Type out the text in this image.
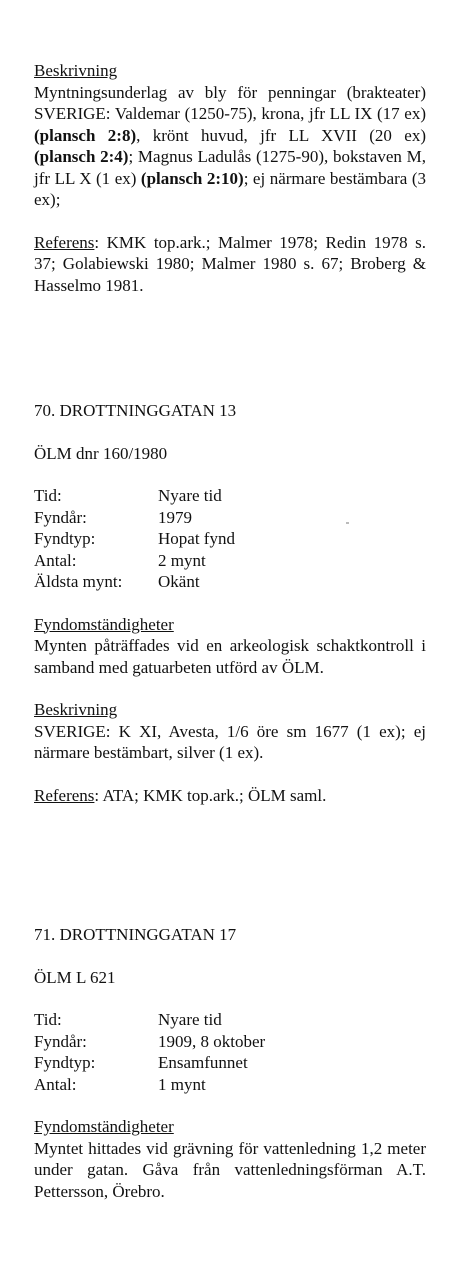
Beskrivning

Myntningsunderlag av bly för penningar (brakteater) SVERIGE: Valdemar (1250-75), krona, jfr LL IX (17 ex) (plansch 2:8), krönt huvud, jfr LL XVII (20 ex) (plansch 2:4); Magnus Ladulås (1275-90), bokstaven M, jfr LL X (1 ex) (plansch 2:10); ej närmare bestämbara (3 ex);

Referens: KMK top.ark.; Malmer 1978; Redin 1978 s. 37; Golabiewski 1980; Malmer 1980 s. 67; Broberg & Hasselmo 1981.

70. DROTTNINGGATAN 13
ÖLM dnr 160/1980
Tid:	Nyare tid
Fyndår:	1979
Fyndtyp:	Hopat fynd
Antal:	2 mynt
Äldsta mynt:	Okänt
Fyndomständigheter

Mynten påträffades vid en arkeologisk schaktkontroll i samband med gatuarbeten utförd av ÖLM.

Beskrivning

SVERIGE: K XI, Avesta, 1/6 öre sm 1677 (1 ex); ej närmare bestämbart, silver (1 ex).

Referens: ATA; KMK top.ark.; ÖLM saml.

71. DROTTNINGGATAN 17
ÖLM L 621
Tid:	Nyare tid
Fyndår:	1909, 8 oktober
Fyndtyp:	Ensamfunnet
Antal:	1 mynt
Fyndomständigheter

Myntet hittades vid grävning för vattenledning 1,2 meter under gatan. Gåva från vattenledningsförman A.T. Pettersson, Örebro.
